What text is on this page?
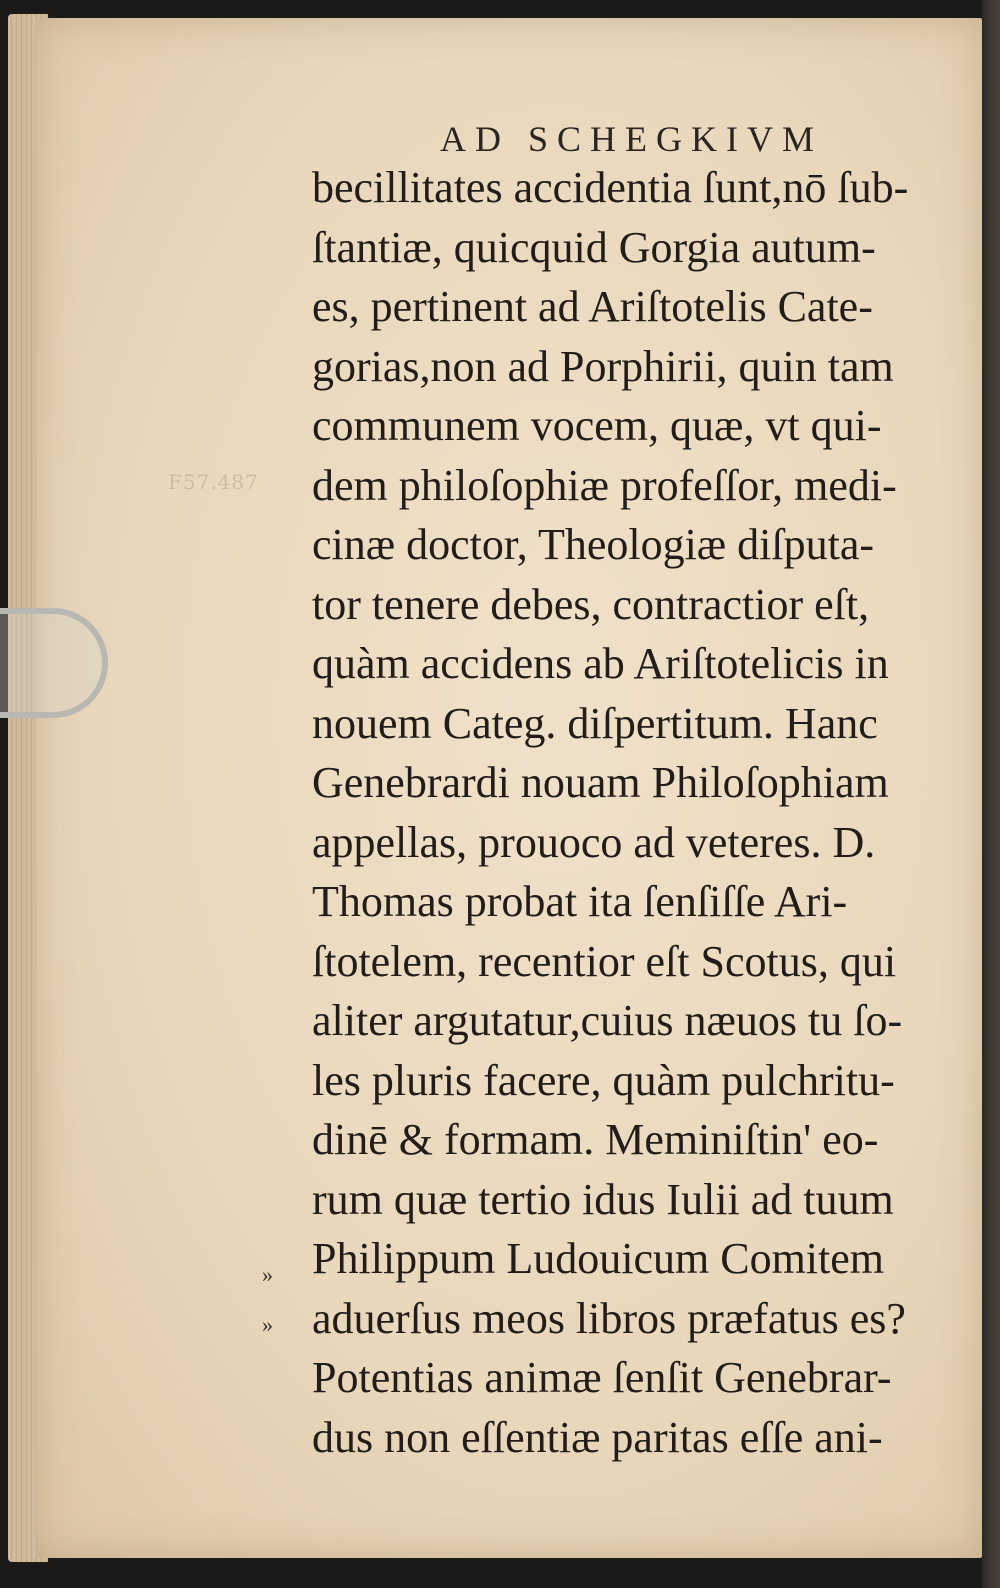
F57.487
AD SCHEGKIVM
becillitates accidentia ſunt,nō ſub-
ſtantiæ, quicquid Gorgia autum-
es, pertinent ad Ariſtotelis Cate-
gorias,non ad Porphirii, quin tam
communem vocem, quæ, vt qui-
dem philoſophiæ profeſſor, medi-
cinæ doctor, Theologiæ diſputa-
tor tenere debes, contractior eſt,
quàm accidens ab Ariſtotelicis in
nouem Categ. diſpertitum. Hanc
Genebrardi nouam Philoſophiam
appellas, prouoco ad veteres. D.
Thomas probat ita ſenſiſſe Ari-
ſtotelem, recentior eſt Scotus, qui
aliter argutatur,cuius næuos tu ſo-
les pluris facere, quàm pulchritu-
dinē & formam. Meminiſtin' eo-
rum quæ tertio idus Iulii ad tuum
Philippum Ludouicum Comitem
aduerſus meos libros præfatus es?
Potentias animæ ſenſit Genebrar-
dus non eſſentiæ paritas eſſe ani-
»
»
